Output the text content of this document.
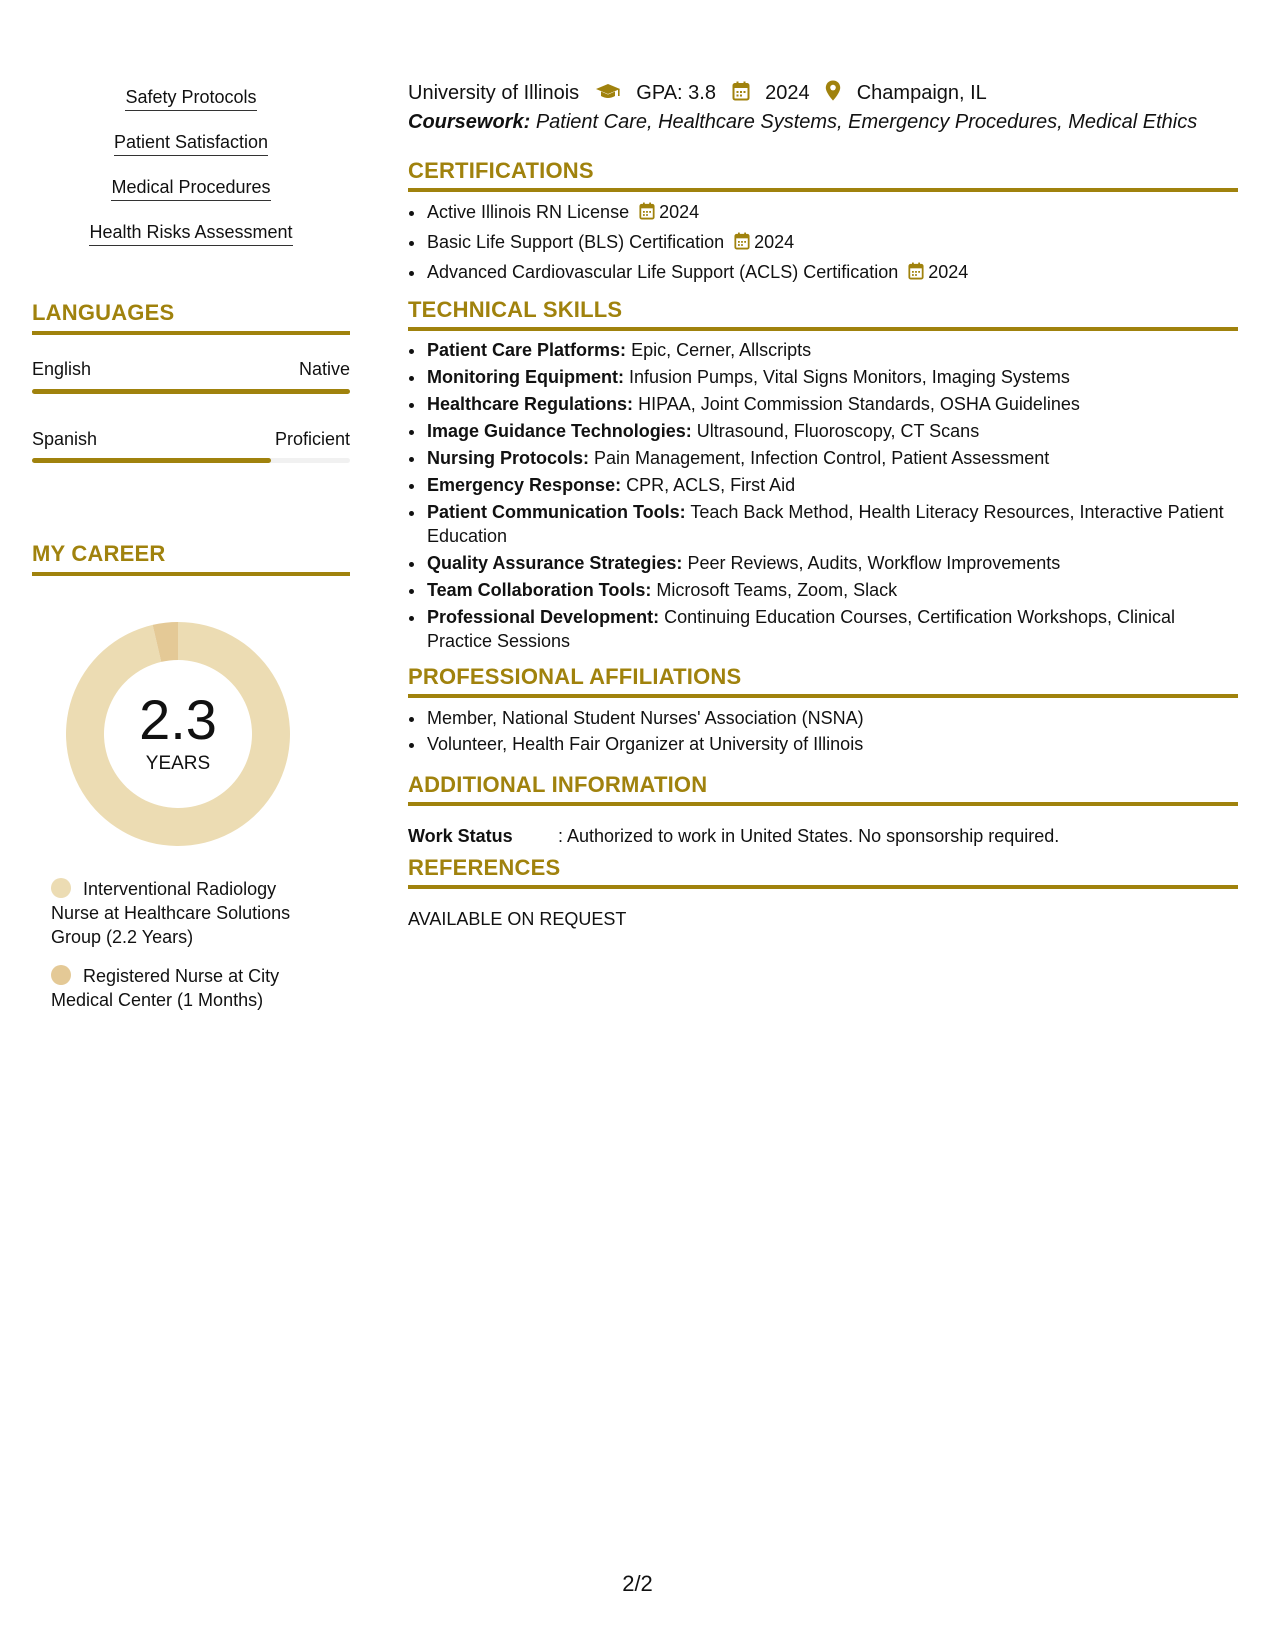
Safety Protocols
Patient Satisfaction
Medical Procedures
Health Risks Assessment
LANGUAGES
English	Native
Spanish	Proficient
MY CAREER
2.3
YEARS
Interventional Radiology Nurse at Healthcare Solutions Group (2.2 Years)
Registered Nurse at City Medical Center (1 Months)
University of Illinois	GPA: 3.8 2024 Champaign, IL
Coursework: Patient Care, Healthcare Systems, Emergency Procedures, Medical Ethics
CERTIFICATIONS
• Active Illinois RN License 2024
• Basic Life Support (BLS) Certification 2024
• Advanced Cardiovascular Life Support (ACLS) Certification 2024
TECHNICAL SKILLS
• Patient Care Platforms: Epic, Cerner, Allscripts
• Monitoring Equipment: Infusion Pumps, Vital Signs Monitors, Imaging Systems
• Healthcare Regulations: HIPAA, Joint Commission Standards, OSHA Guidelines
• Image Guidance Technologies: Ultrasound, Fluoroscopy, CT Scans
• Nursing Protocols: Pain Management, Infection Control, Patient Assessment
• Emergency Response: CPR, ACLS, First Aid
• Patient Communication Tools: Teach Back Method, Health Literacy Resources, Interactive Patient Education
• Quality Assurance Strategies: Peer Reviews, Audits, Workflow Improvements
• Team Collaboration Tools: Microsoft Teams, Zoom, Slack
• Professional Development: Continuing Education Courses, Certification Workshops, Clinical Practice Sessions
PROFESSIONAL AFFILIATIONS
• Member, National Student Nurses' Association (NSNA)
• Volunteer, Health Fair Organizer at University of Illinois
ADDITIONAL INFORMATION
Work Status	: Authorized to work in United States. No sponsorship required.
REFERENCES
AVAILABLE ON REQUEST
2/2
